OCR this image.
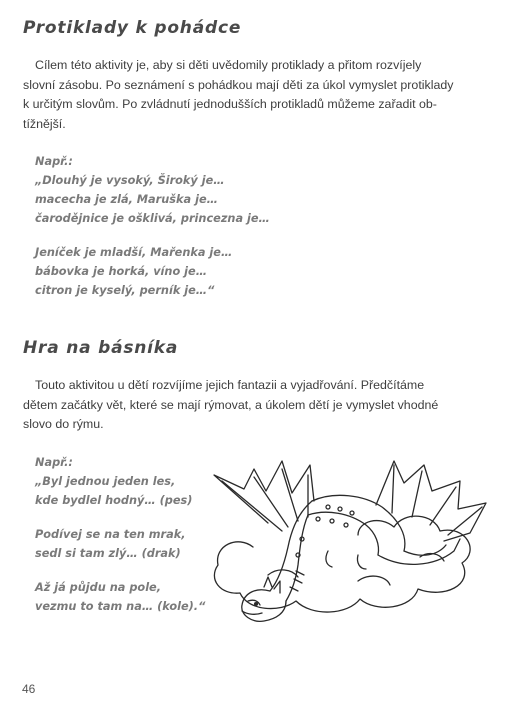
Protiklady k pohádce
Cílem této aktivity je, aby si děti uvědomily protiklady a přitom rozvíjely
slovní zásobu. Po seznámení s pohádkou mají děti za úkol vymyslet protiklady
k určitým slovům. Po zvládnutí jednodušších protikladů můžeme zařadit ob-
tížnější.
Např.:
„Dlouhý je vysoký, Široký je…
macecha je zlá, Maruška je…
čarodějnice je ošklivá, princezna je…
Jeníček je mladší, Mařenka je…
bábovka je horká, víno je…
citron je kyselý, perník je…“
Hra na básníka
Touto aktivitou u dětí rozvíjíme jejich fantazii a vyjadřování. Předčítáme
dětem začátky vět, které se mají rýmovat, a úkolem dětí je vymyslet vhodné
slovo do rýmu.
Např.:
„Byl jednou jeden les,
kde bydlel hodný… (pes)
Podívej se na ten mrak,
sedl si tam zlý… (drak)
Až já půjdu na pole,
vezmu to tam na… (kole).“

46
